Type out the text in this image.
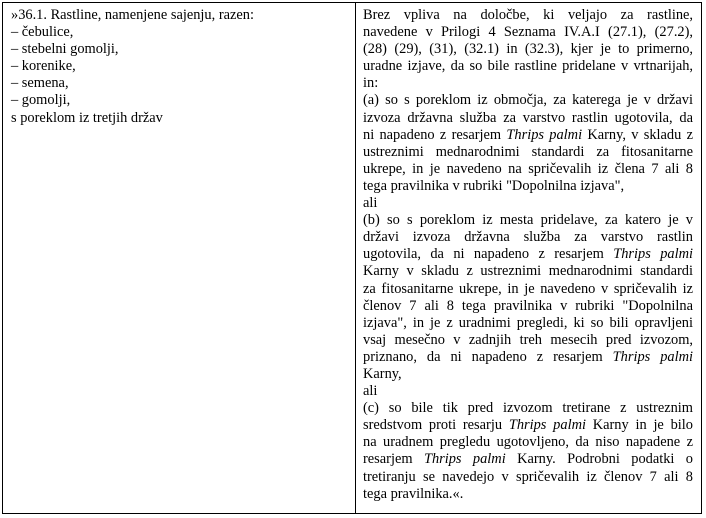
»36.1. Rastline, namenjene sajenju, razen:
– čebulice,
– stebelni gomolji,
– korenike,
– semena,
– gomolji,
s poreklom iz tretjih držav
Brez vpliva na določbe, ki veljajo za rastline,
navedene v Prilogi 4 Seznama IV.A.I (27.1), (27.2),
(28) (29), (31), (32.1) in (32.3), kjer je to primerno,
uradne izjave, da so bile rastline pridelane v vrtnarijah,
in:
(a) so s poreklom iz območja, za katerega je v državi
izvoza državna služba za varstvo rastlin ugotovila, da
ni napadeno z resarjem Thrips palmi Karny, v skladu z
ustreznimi mednarodnimi standardi za fitosanitarne
ukrepe, in je navedeno na spričevalih iz člena 7 ali 8
tega pravilnika v rubriki "Dopolnilna izjava",
ali
(b) so s poreklom iz mesta pridelave, za katero je v
državi izvoza državna služba za varstvo rastlin
ugotovila, da ni napadeno z resarjem Thrips palmi
Karny v skladu z ustreznimi mednarodnimi standardi
za fitosanitarne ukrepe, in je navedeno v spričevalih iz
členov 7 ali 8 tega pravilnika v rubriki "Dopolnilna
izjava", in je z uradnimi pregledi, ki so bili opravljeni
vsaj mesečno v zadnjih treh mesecih pred izvozom,
priznano, da ni napadeno z resarjem Thrips palmi
Karny,
ali
(c) so bile tik pred izvozom tretirane z ustreznim
sredstvom proti resarju Thrips palmi Karny in je bilo
na uradnem pregledu ugotovljeno, da niso napadene z
resarjem Thrips palmi Karny. Podrobni podatki o
tretiranju se navedejo v spričevalih iz členov 7 ali 8
tega pravilnika.«.
